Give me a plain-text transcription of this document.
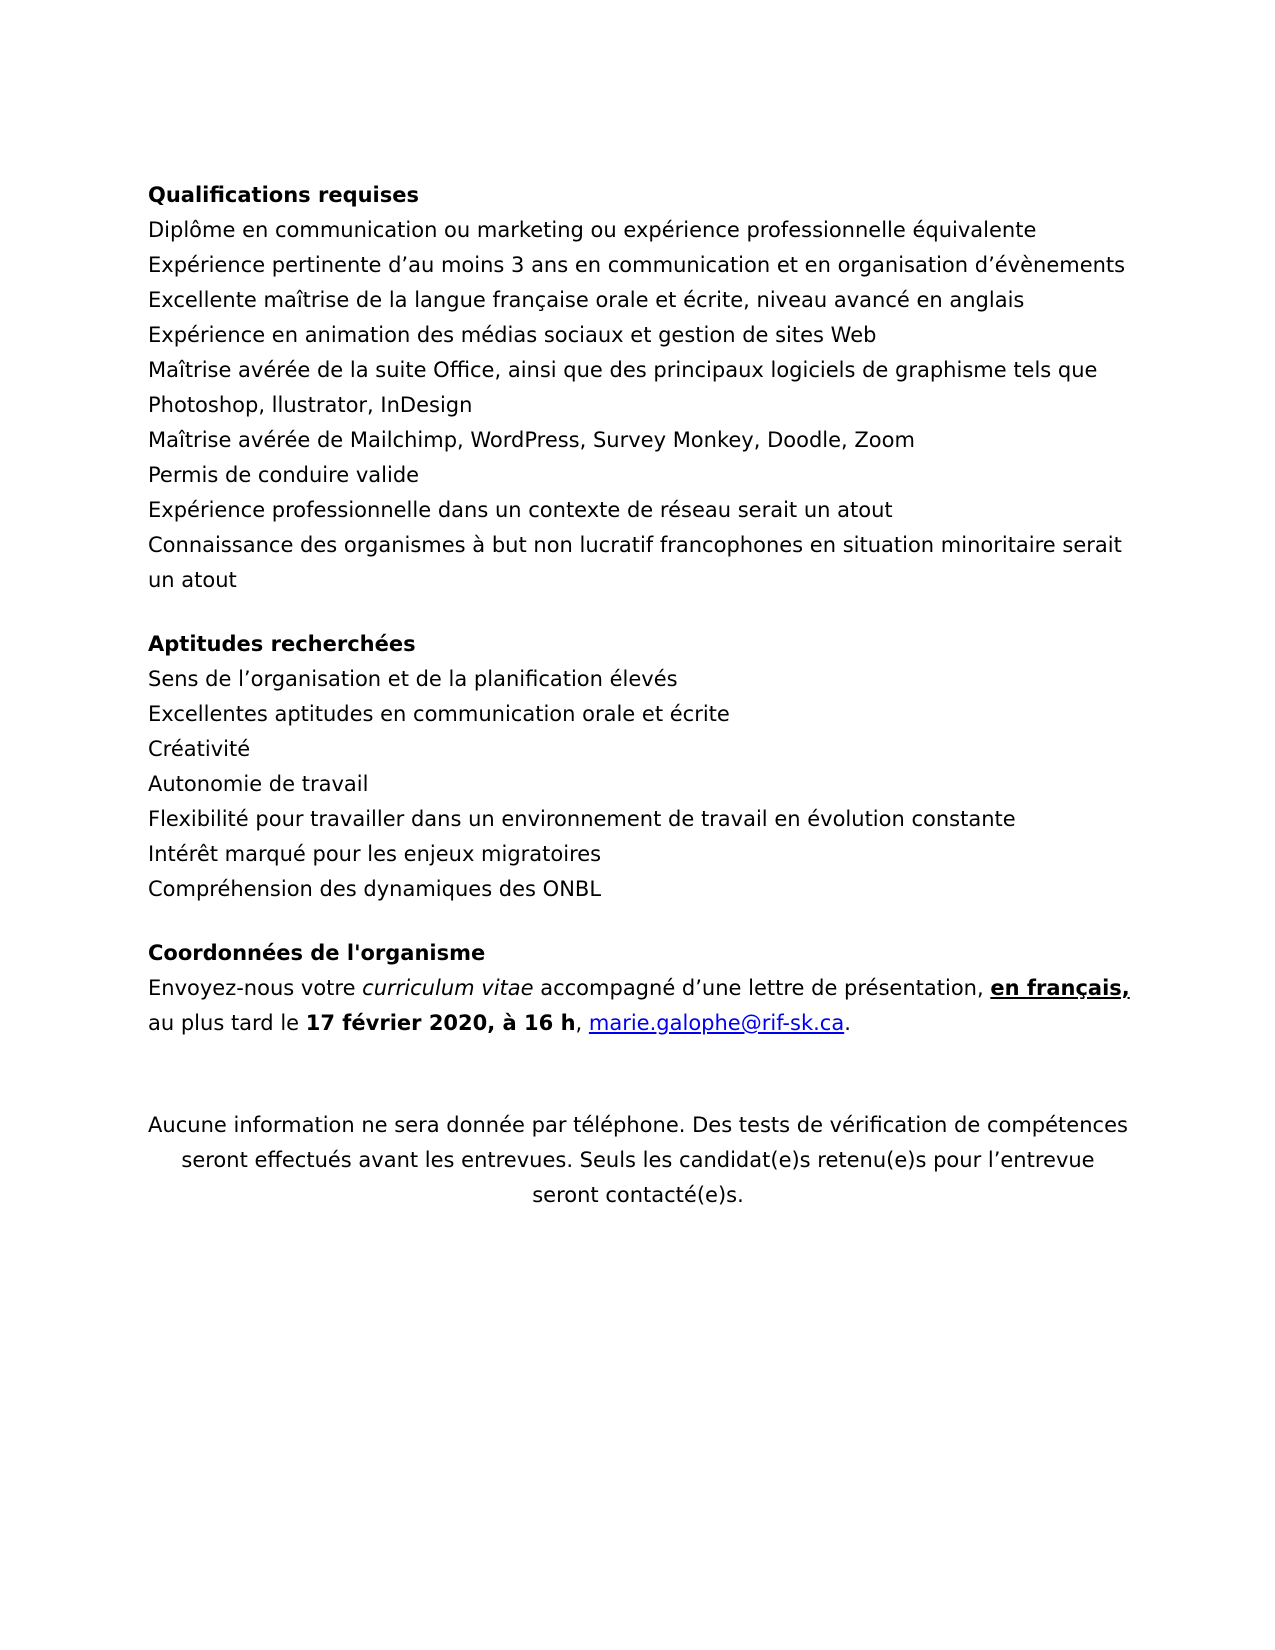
Qualifications requises
Diplôme en communication ou marketing ou expérience professionnelle équivalente
Expérience pertinente d’au moins 3 ans en communication et en organisation d’évènements
Excellente maîtrise de la langue française orale et écrite, niveau avancé en anglais
Expérience en animation des médias sociaux et gestion de sites Web
Maîtrise avérée de la suite Office, ainsi que des principaux logiciels de graphisme tels que Photoshop, llustrator, InDesign
Maîtrise avérée de Mailchimp, WordPress, Survey Monkey, Doodle, Zoom
Permis de conduire valide
Expérience professionnelle dans un contexte de réseau serait un atout
Connaissance des organismes à but non lucratif francophones en situation minoritaire serait un atout
Aptitudes recherchées
Sens de l’organisation et de la planification élevés
Excellentes aptitudes en communication orale et écrite
Créativité
Autonomie de travail
Flexibilité pour travailler dans un environnement de travail en évolution constante
Intérêt marqué pour les enjeux migratoires
Compréhension des dynamiques des ONBL
Coordonnées de l'organisme

Envoyez-nous votre curriculum vitae accompagné d’une lettre de présentation, en français, au plus tard le 17 février 2020, à 16 h, marie.galophe@rif-sk.ca.

Aucune information ne sera donnée par téléphone. Des tests de vérification de compétences seront effectués avant les entrevues. Seuls les candidat(e)s retenu(e)s pour l’entrevue seront contacté(e)s.
